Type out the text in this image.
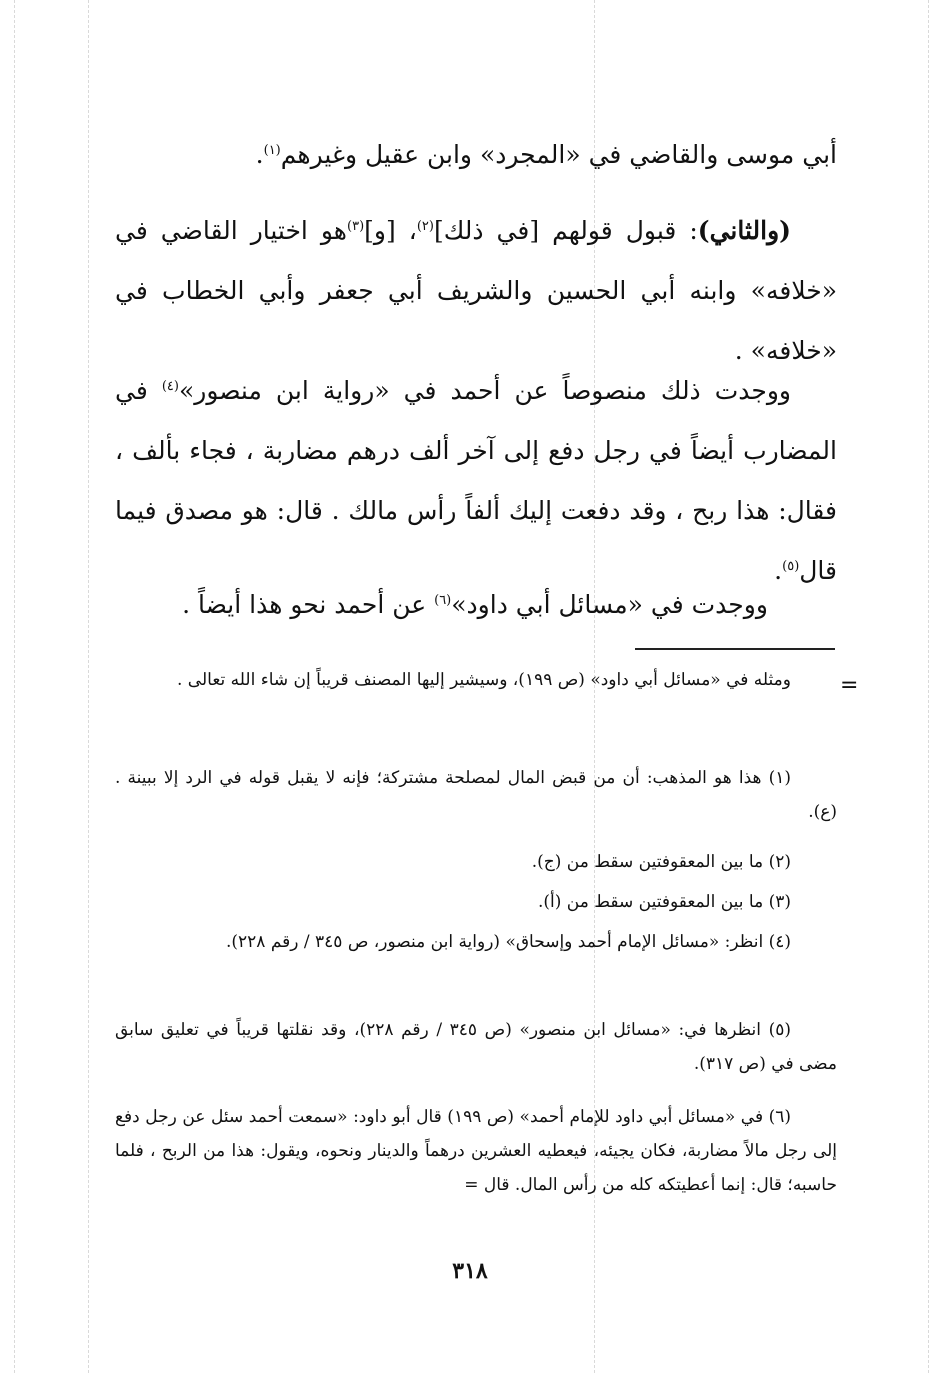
أبي موسى والقاضي في «المجرد» وابن عقيل وغيرهم$^{(١)}$.

(والثاني): قبول قولهم [في ذلك]$^{(٢)}$، [و]$^{(٣)}$هو اختيار القاضي في «خلافه» وابنه أبي الحسين والشريف أبي جعفر وأبي الخطاب في «خلافه» .

ووجدت ذلك منصوصاً عن أحمد في «رواية ابن منصور»$^{(٤)}$ في المضارب أيضاً في رجل دفع إلى آخر ألف درهم مضاربة ، فجاء بألف ، فقال: هذا ربح ، وقد دفعت إليك ألفاً رأس مالك . قال: هو مصدق فيما قال$^{(٥)}$.

ووجدت في «مسائل أبي داود»$^{(٦)}$ عن أحمد نحو هذا أيضاً .

=

ومثله في «مسائل أبي داود» (ص ١٩٩)، وسيشير إليها المصنف قريباً إن شاء الله تعالى .

(١) هذا هو المذهب: أن من قبض المال لمصلحة مشتركة؛ فإنه لا يقبل قوله في الرد إلا ببينة . (ع).

(٢) ما بين المعقوفتين سقط من (ج).

(٣) ما بين المعقوفتين سقط من (أ).

(٤) انظر: «مسائل الإمام أحمد وإسحاق» (رواية ابن منصور، ص ٣٤٥ / رقم ٢٢٨).

(٥) انظرها في: «مسائل ابن منصور» (ص ٣٤٥ / رقم ٢٢٨)، وقد نقلتها قريباً في تعليق سابق مضى في (ص ٣١٧).

(٦) في «مسائل أبي داود للإمام أحمد» (ص ١٩٩) قال أبو داود: «سمعت أحمد سئل عن رجل دفع إلى رجل مالاً مضاربة، فكان يجيئه، فيعطيه العشرين درهماً والدينار ونحوه، ويقول: هذا من الربح ، فلما حاسبه؛ قال: إنما أعطيتكه كله من رأس المال. قال =

٣١٨
